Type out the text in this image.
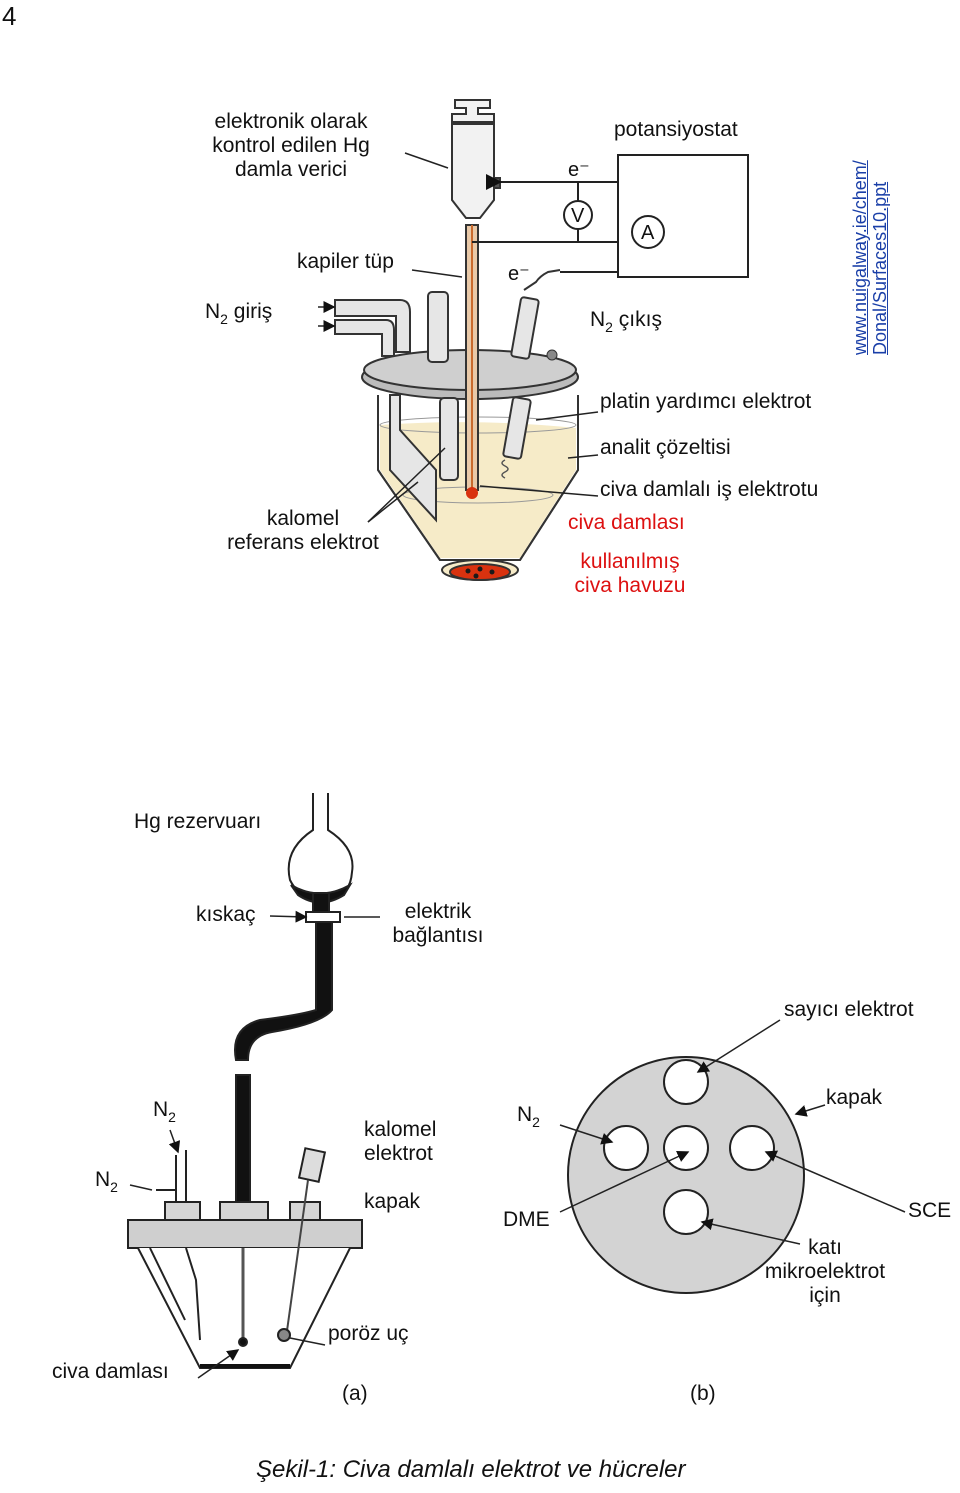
4
elektronik olarak
kontrol edilen Hg
damla verici
potansiyostat
e⁻
e⁻
V
A
kapiler tüp
$N_2$ giriş	$N_2$ çıkış	www.nuigalway.ie/chem/ Donal/Surfaces10.ppt
platin yardımcı elektrot
analit çözeltisi
civa damlalı iş elektrotu
civa damlası
kullanılmış
civa havuzu
kalomel
referans elektrot
Hg rezervuarı
kıskaç	elektrik
bağlantısı
sayıcı elektrot
$N_2$
$N_2$
kalomel
elektrot
kapak
poröz uç
civa damlası
(a)
$N_2$
kapak
DME	SCE
katı
mikroelektrot
için
(b)
Şekil-1: Civa damlalı elektrot ve hücreler
